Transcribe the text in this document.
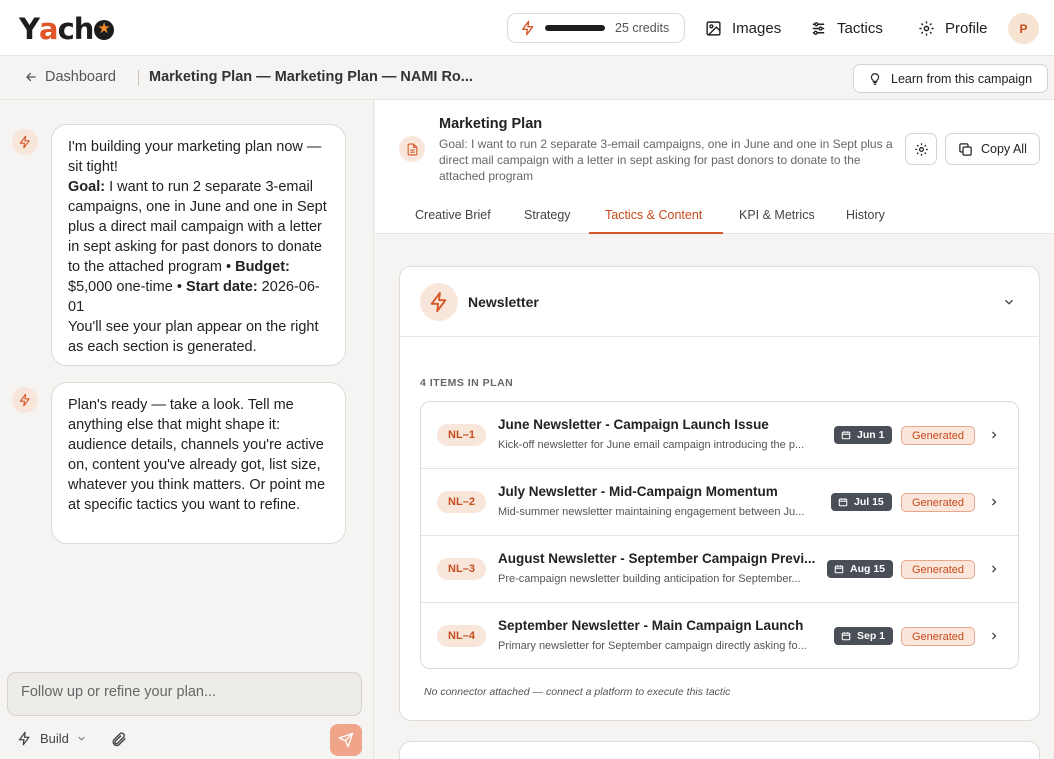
Y a ch
★	25 credits	Images	Tactics	Profile	P
Dashboard Marketing Plan — Marketing Plan — NAMI Ro...	Learn from this campaign
I'm building your marketing plan now — sit tight!
Goal: I want to run 2 separate 3-email campaigns, one in June and one in Sept plus a direct mail campaign with a letter in sept asking for past donors to donate to the attached program • Budget: $5,000 one-time • Start date: 2026-06-01
You'll see your plan appear on the right as each section is generated.
Plan's ready — take a look. Tell me anything else that might shape it: audience details, channels you're active on, content you've already got, list size, whatever you think matters. Or point me at specific tactics you want to refine.
Follow up or refine your plan...
Build
Marketing Plan
Goal: I want to run 2 separate 3-email campaigns, one in June and one in Sept plus a direct mail campaign with a letter in sept asking for past donors to donate to the attached program
Copy All
Creative Brief	Strategy	Tactics & Content	KPI & Metrics	History
Newsletter
4 ITEMS IN PLAN
NL–1
June Newsletter - Campaign Launch Issue
Kick-off newsletter for June email campaign introducing the p...
Jun 1	Generated
NL–2
July Newsletter - Mid-Campaign Momentum
Mid-summer newsletter maintaining engagement between Ju...
Jul 15	Generated
NL–3
August Newsletter - September Campaign Previ...
Pre-campaign newsletter building anticipation for September...
Aug 15	Generated
NL–4
September Newsletter - Main Campaign Launch
Primary newsletter for September campaign directly asking fo...
Sep 1	Generated
No connector attached — connect a platform to execute this tactic
